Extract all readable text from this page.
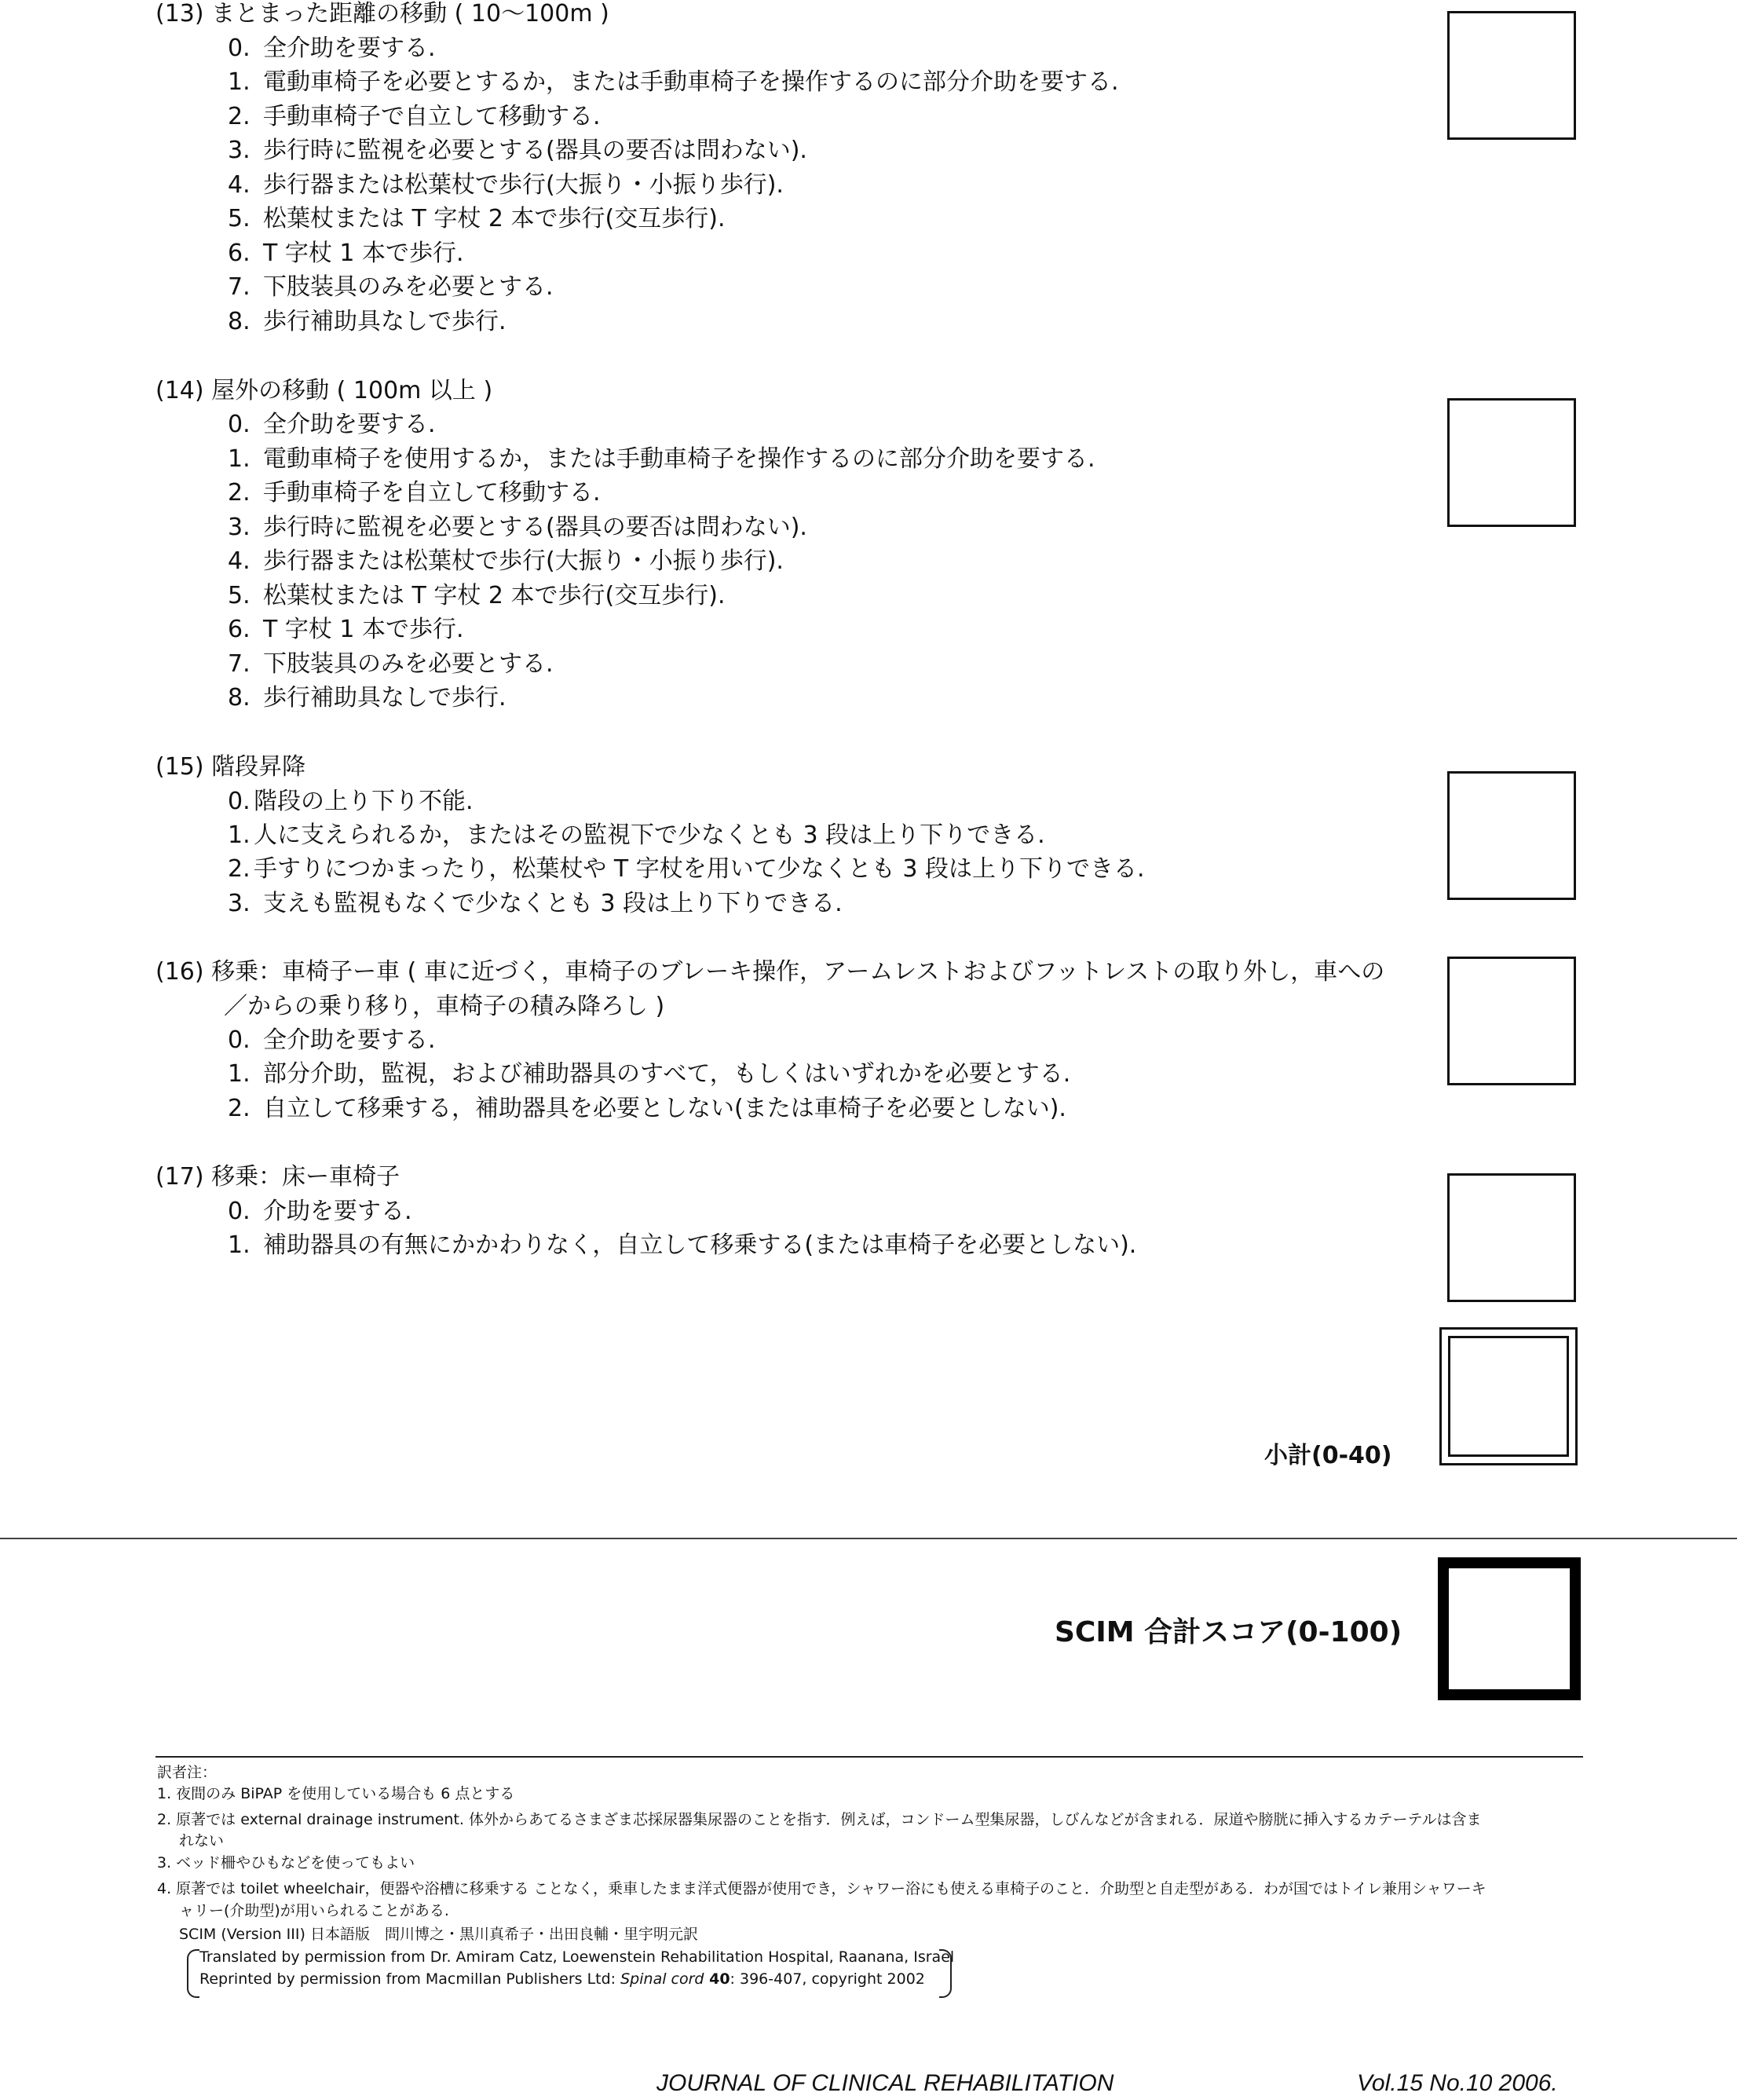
(13) まとまった距離の移動 ( 10〜100m )
0. 全介助を要する.
1. 電動車椅子を必要とするか，または手動車椅子を操作するのに部分介助を要する.
2. 手動車椅子で自立して移動する.
3. 歩行時に監視を必要とする(器具の要否は問わない).
4. 歩行器または松葉杖で歩行(大振り・小振り歩行).
5. 松葉杖または T 字杖 2 本で歩行(交互歩行).
6. T 字杖 1 本で歩行.
7. 下肢装具のみを必要とする.
8. 歩行補助具なしで歩行.
(14) 屋外の移動 ( 100m 以上 )
0. 全介助を要する.
1. 電動車椅子を使用するか，または手動車椅子を操作するのに部分介助を要する.
2. 手動車椅子を自立して移動する.
3. 歩行時に監視を必要とする(器具の要否は問わない).
4. 歩行器または松葉杖で歩行(大振り・小振り歩行).
5. 松葉杖または T 字杖 2 本で歩行(交互歩行).
6. T 字杖 1 本で歩行.
7. 下肢装具のみを必要とする.
8. 歩行補助具なしで歩行.
(15) 階段昇降
0. 階段の上り下り不能.
1. 人に支えられるか，またはその監視下で少なくとも 3 段は上り下りできる.
2. 手すりにつかまったり，松葉杖や T 字杖を用いて少なくとも 3 段は上り下りできる.
3. 支えも監視もなくで少なくとも 3 段は上り下りできる.
(16) 移乗：車椅子ー車 ( 車に近づく，車椅子のブレーキ操作，アームレストおよびフットレストの取り外し，車への
／からの乗り移り，車椅子の積み降ろし )
0. 全介助を要する.
1. 部分介助，監視，および補助器具のすべて，もしくはいずれかを必要とする.
2. 自立して移乗する，補助器具を必要としない(または車椅子を必要としない).
(17) 移乗：床ー車椅子
0. 介助を要する.
1. 補助器具の有無にかかわりなく，自立して移乗する(または車椅子を必要としない).
小計(0-40)
SCIM 合計スコア(0-100)
訳者注：
1. 夜間のみ BiPAP を使用している場合も 6 点とする
2. 原著では external drainage instrument. 体外からあてるさまざま芯採尿器集尿器のことを指す．例えば，コンドーム型集尿器，しびんなどが含まれる．尿道や膀胱に挿入するカテーテルは含ま
れない
3. ベッド柵やひもなどを使ってもよい
4. 原著では toilet wheelchair，便器や浴槽に移乗する ことなく，乗車したまま洋式便器が使用でき，シャワー浴にも使える車椅子のこと．介助型と自走型がある．わが国ではトイレ兼用シャワーキ
ャリー(介助型)が用いられることがある.
SCIM (Version III) 日本語版　問川博之・黒川真希子・出田良輔・里宇明元訳
Translated by permission from Dr. Amiram Catz, Loewenstein Rehabilitation Hospital, Raanana, Israel
Reprinted by permission from Macmillan Publishers Ltd: Spinal cord 40: 396-407, copyright 2002
JOURNAL OF CLINICAL REHABILITATION	Vol.15 No.10 2006.
